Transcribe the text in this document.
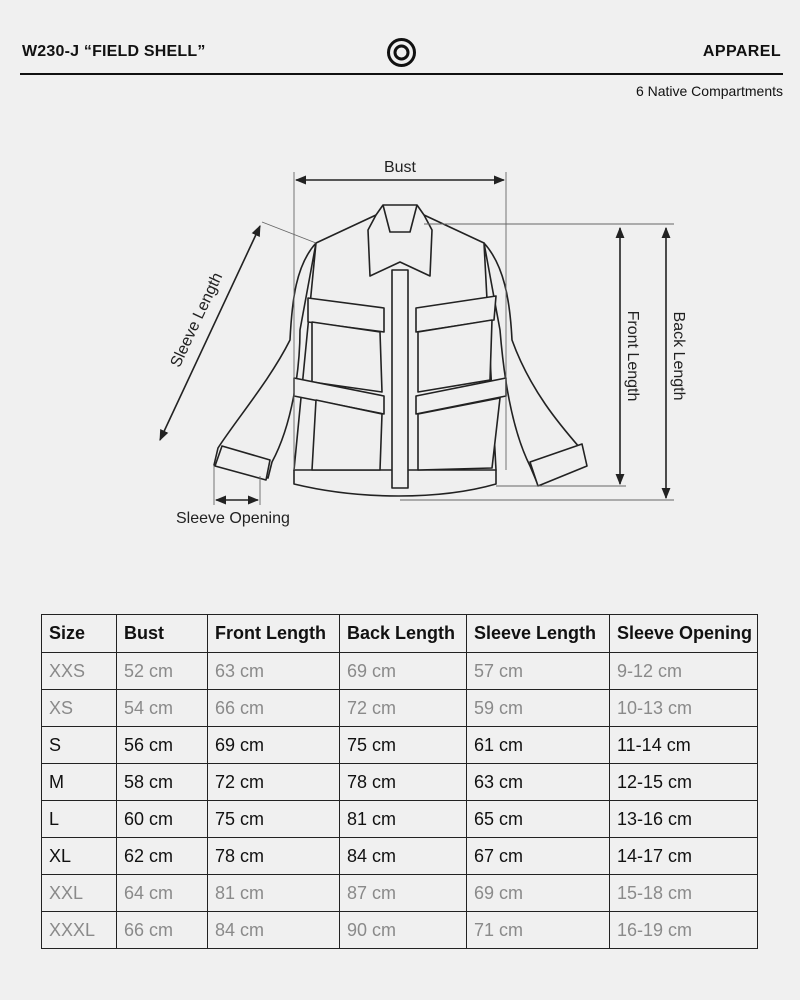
W230-J “FIELD SHELL”	APPAREL
6 Native Compartments
Bust
Front Length Back Length
Sleeve Length
Sleeve Opening
Size	Bust	Front Length	Back Length	Sleeve Length	Sleeve Opening
XXS	52 cm	63 cm	69 cm	57 cm	9-12 cm
XS	54 cm	66 cm	72 cm	59 cm	10-13 cm
S	56 cm	69 cm	75 cm	61 cm	11-14 cm
M	58 cm	72 cm	78 cm	63 cm	12-15 cm
L	60 cm	75 cm	81 cm	65 cm	13-16 cm
XL	62 cm	78 cm	84 cm	67 cm	14-17 cm
XXL	64 cm	81 cm	87 cm	69 cm	15-18 cm
XXXL	66 cm	84 cm	90 cm	71 cm	16-19 cm
